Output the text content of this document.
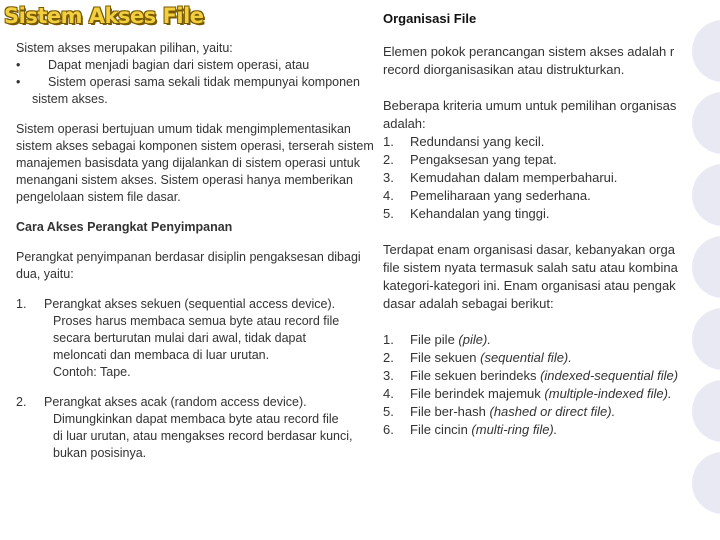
Sistem Akses File	Organisasi File

Sistem akses merupakan pilihan, yaitu:

•	Dapat menjadi bagian dari sistem operasi, atau
•	Sistem operasi sama sekali tidak mempunyai komponen

sistem akses.

Sistem operasi bertujuan umum tidak mengimplementasikan

sistem akses sebagai komponen sistem operasi, terserah sistem

manajemen basisdata yang dijalankan di sistem operasi untuk

menangani sistem akses. Sistem operasi hanya memberikan

pengelolaan sistem file dasar.

Cara Akses Perangkat Penyimpanan

Perangkat penyimpanan berdasar disiplin pengaksesan dibagi

dua, yaitu:

1.	Perangkat akses sekuen (sequential access device).

Proses harus membaca semua byte atau record file

secara berturutan mulai dari awal, tidak dapat

meloncati dan membaca di luar urutan.

Contoh: Tape.

2.	Perangkat akses acak (random access device).

Dimungkinkan dapat membaca byte atau record file

di luar urutan, atau mengakses record berdasar kunci,

bukan posisinya.

Elemen pokok perancangan sistem akses adalah r

record diorganisasikan atau distrukturkan.

Beberapa kriteria umum untuk pemilihan organisas

adalah:

1.	Redundansi yang kecil.
2.	Pengaksesan yang tepat.
3.	Kemudahan dalam memperbaharui.
4.	Pemeliharaan yang sederhana.
5.	Kehandalan yang tinggi.

Terdapat enam organisasi dasar, kebanyakan orga

file sistem nyata termasuk salah satu atau kombina

kategori-kategori ini. Enam organisasi atau pengak

dasar adalah sebagai berikut:

1.	File pile
(pile).
2.	File sekuen
(sequential file).
3.	File sekuen berindeks
(indexed-sequential file)
4.	File berindek majemuk
(multiple-indexed file).
5.	File ber-hash
(hashed or direct file).
6.	File cincin
(multi-ring file).
